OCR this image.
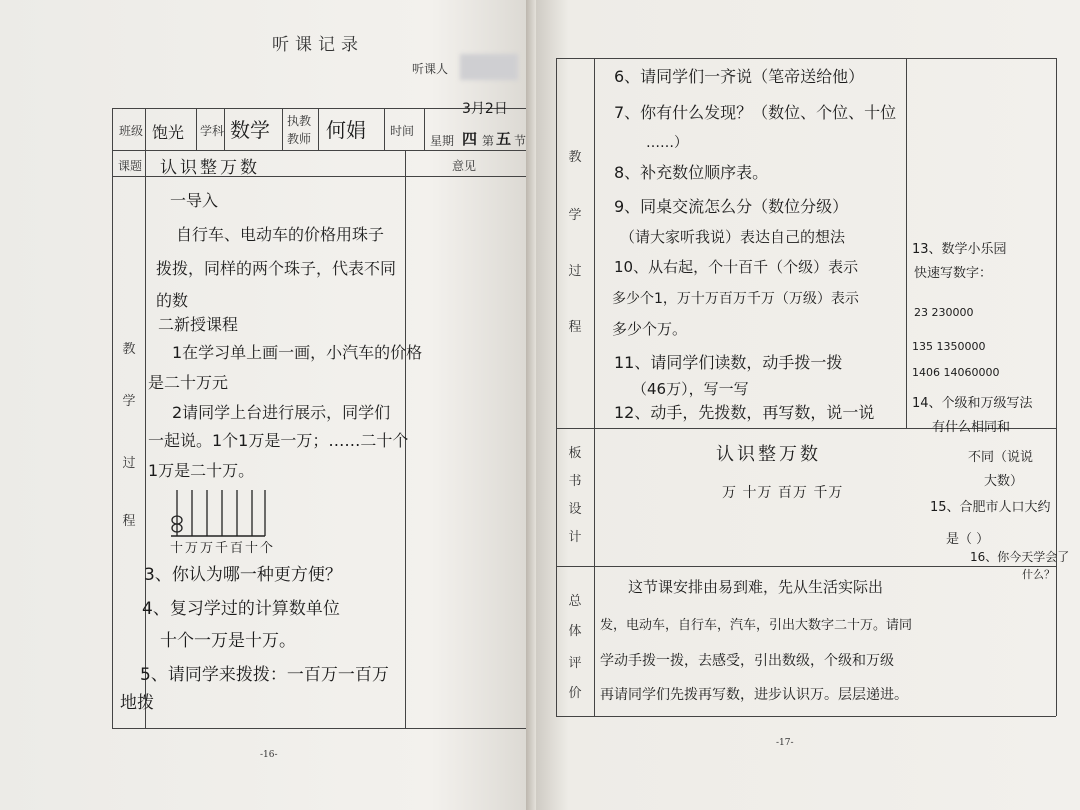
听课记录
听课人
班级 饱光 学科 数学 执教
教师 何娟 时间
3月2日
星期 四 第 五 节
课题 认识整万数	意见
教
学
过
程
一导入
自行车、电动车的价格用珠子
拨拨，同样的两个珠子，代表不同
的数
二新授课程
1在学习单上画一画，小汽车的价格
是二十万元
2请同学上台进行展示，同学们
一起说。1个1万是一万；……二十个
1万是二十万。
十万万千百十个
3、你认为哪一种更方便？
4、复习学过的计算数单位
十个一万是十万。
5、请同学来拨拨：一百万一百万
地拨
-16-
教
学
过
程
板
书
设
计
总
体
评
价
6、请同学们一齐说（笔帝送给他）
7、你有什么发现？（数位、个位、十位
……）
8、补充数位顺序表。
9、同桌交流怎么分（数位分级）
（请大家听我说）表达自己的想法
10、从右起，个十百千（个级）表示
多少个1，万十万百万千万（万级）表示
多少个万。
11、请同学们读数，动手拨一拨
（46万），写一写
12、动手，先拨数，再写数，说一说
13、数学小乐园
快速写数字：
23 230000
135 1350000
1406 14060000
14、个级和万级写法
有什么相同和
不同（说说
大数）
15、合肥市人口大约
是（ ）
16、你今天学会了
什么？
认识整万数
万 十万 百万 千万
这节课安排由易到难，先从生活实际出
发，电动车，自行车，汽车，引出大数字二十万。请同
学动手拨一拨，去感受，引出数级，个级和万级
再请同学们先拨再写数，进步认识万。层层递进。
-17-
